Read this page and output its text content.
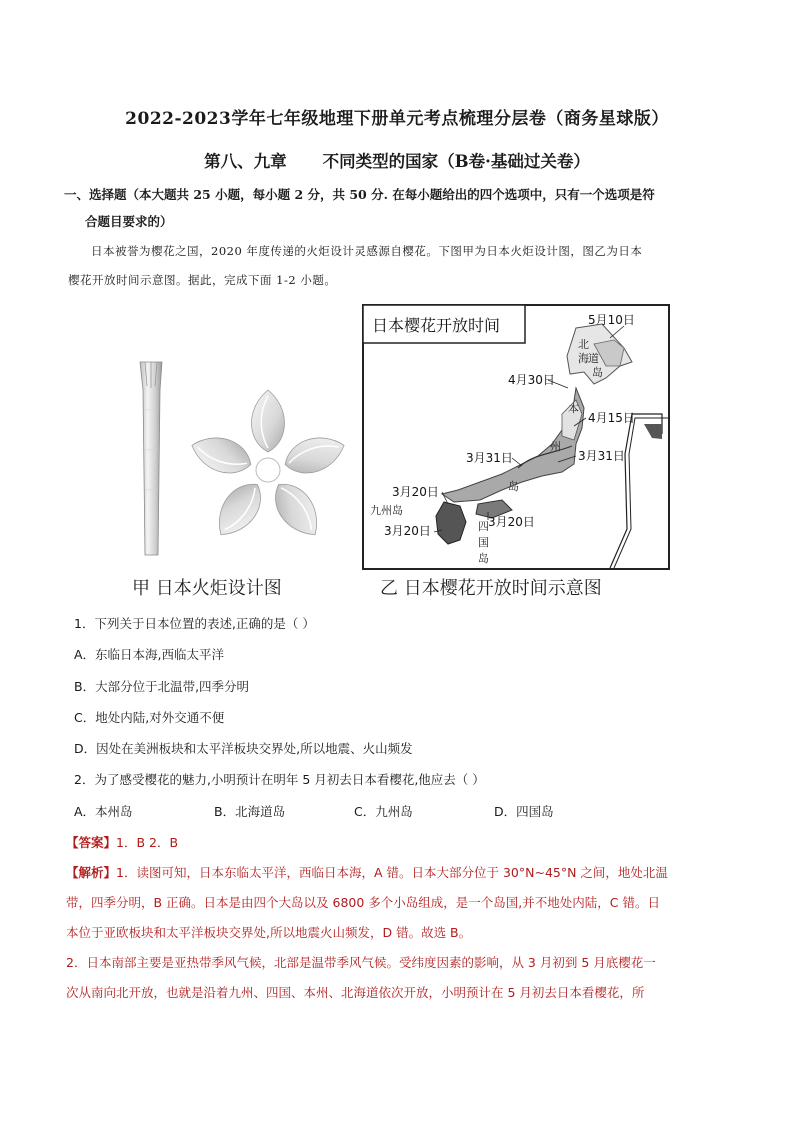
2022-2023学年七年级地理下册单元考点梳理分层卷（商务星球版）
第八、九章 不同类型的国家（B卷·基础过关卷）
一、选择题（本大题共 25 小题，每小题 2 分，共 50 分. 在每小题给出的四个选项中，只有一个选项是符
合题目要求的）
日本被誉为樱花之国，2020 年度传递的火炬设计灵感源自樱花。下图甲为日本火炬设计图，图乙为日本
樱花开放时间示意图。据此，完成下面 1-2 小题。
日本樱花开放时间	5月10日
4月30日
4月15日
3月31日	3月31日
3月20日
3月20日
3月20日
北
海 道
岛
本
州
岛
九州岛
四
国
岛
甲 日本火炬设计图	乙 日本樱花开放时间示意图
1．下列关于日本位置的表述,正确的是（ ）
A．东临日本海,西临太平洋
B．大部分位于北温带,四季分明
C．地处内陆,对外交通不便
D．因处在美洲板块和太平洋板块交界处,所以地震、火山频发
2．为了感受樱花的魅力,小明预计在明年 5 月初去日本看樱花,他应去（ ）
A．本州岛	B．北海道岛	C．九州岛	D．四国岛
【答案】1．B 2．B
【解析】1．读图可知，日本东临太平洋，西临日本海，A 错。日本大部分位于 30°N~45°N 之间，地处北温
带，四季分明，B 正确。日本是由四个大岛以及 6800 多个小岛组成，是一个岛国,并不地处内陆，C 错。日
本位于亚欧板块和太平洋板块交界处,所以地震火山频发，D 错。故选 B。
2．日本南部主要是亚热带季风气候，北部是温带季风气候。受纬度因素的影响，从 3 月初到 5 月底樱花一
次从南向北开放，也就是沿着九州、四国、本州、北海道依次开放，小明预计在 5 月初去日本看樱花，所
